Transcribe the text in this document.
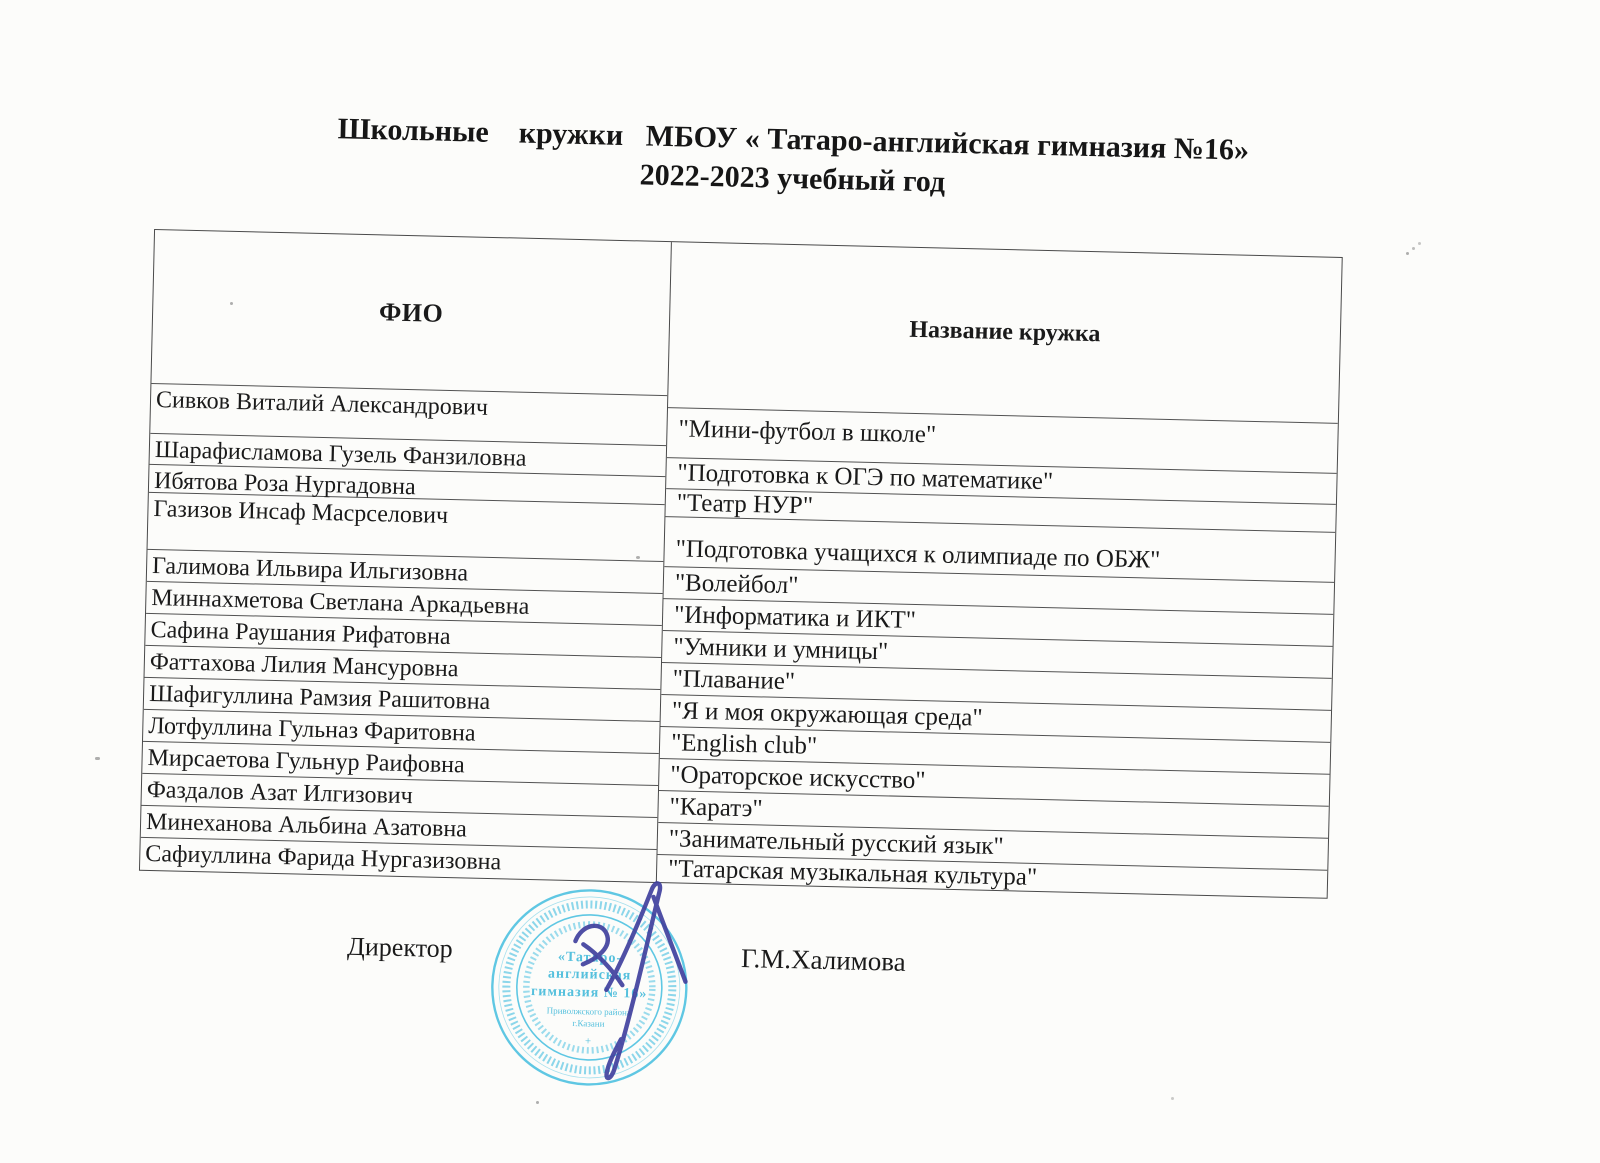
Школьные    кружки   МБОУ « Татаро-английская гимназия №16»
2022-2023 учебный год
ФИО
Сивков Виталий Александрович
Шарафисламова Гузель Фанзиловна
Ибятова Роза Нургадовна
Газизов Инсаф Масрселович
Галимова Ильвира Ильгизовна
Миннахметова Светлана Аркадьевна
Сафина Раушания Рифатовна
Фаттахова Лилия Мансуровна
Шафигуллина Рамзия Рашитовна
Лотфуллина Гульназ Фаритовна
Мирсаетова Гульнур Раифовна
Фаздалов Азат Илгизович
Минеханова Альбина Азатовна
Сафиуллина Фарида Нургазизовна
Название кружка
"Мини-футбол в школе"
"Подготовка к ОГЭ по математике"
"Театр НУР"
"Подготовка учащихся к олимпиаде по ОБЖ"
"Волейбол"
"Информатика и ИКТ"
"Умники и умницы"
"Плавание"
"Я и моя окружающая среда"
"English club"
"Ораторское искусство"
"Каратэ"
"Занимательный русский язык"
"Татарская музыкальная культура"
Директор	Г.М.Халимова
«Татаро-
английская
гимназия № 16»
Приволжского района
г.Казани
+
